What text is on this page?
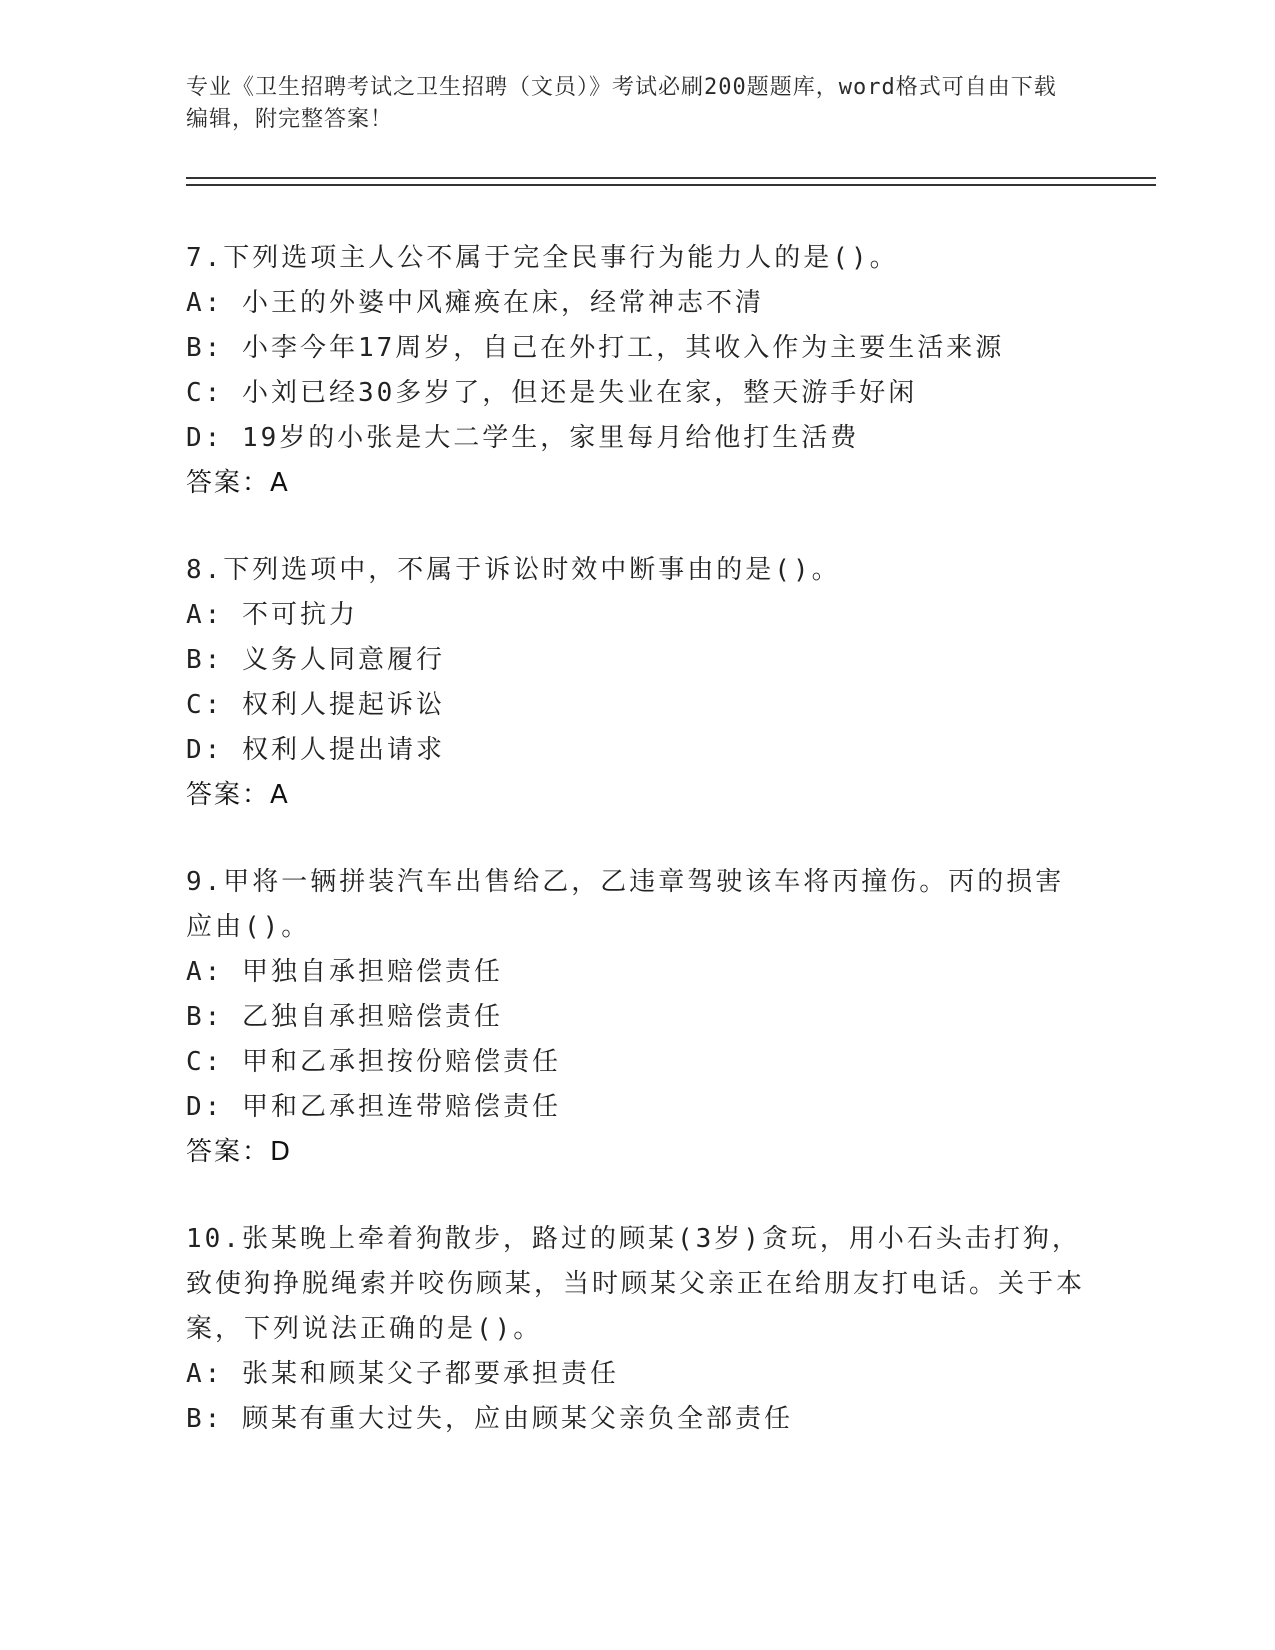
专业《卫生招聘考试之卫生招聘（文员）》考试必刷200题题库，word格式可自由下载编辑，附完整答案！
7.下列选项主人公不属于完全民事行为能力人的是()。
A: 小王的外婆中风瘫痪在床，经常神志不清
B: 小李今年17周岁，自己在外打工，其收入作为主要生活来源
C: 小刘已经30多岁了，但还是失业在家，整天游手好闲
D: 19岁的小张是大二学生，家里每月给他打生活费
答案：A
8.下列选项中，不属于诉讼时效中断事由的是()。
A: 不可抗力
B: 义务人同意履行
C: 权利人提起诉讼
D: 权利人提出请求
答案：A
9.甲将一辆拼装汽车出售给乙，乙违章驾驶该车将丙撞伤。丙的损害应由()。
A: 甲独自承担赔偿责任
B: 乙独自承担赔偿责任
C: 甲和乙承担按份赔偿责任
D: 甲和乙承担连带赔偿责任
答案：D
10.张某晚上牵着狗散步，路过的顾某(3岁)贪玩，用小石头击打狗，致使狗挣脱绳索并咬伤顾某，当时顾某父亲正在给朋友打电话。关于本案，下列说法正确的是()。
A: 张某和顾某父子都要承担责任
B: 顾某有重大过失，应由顾某父亲负全部责任
